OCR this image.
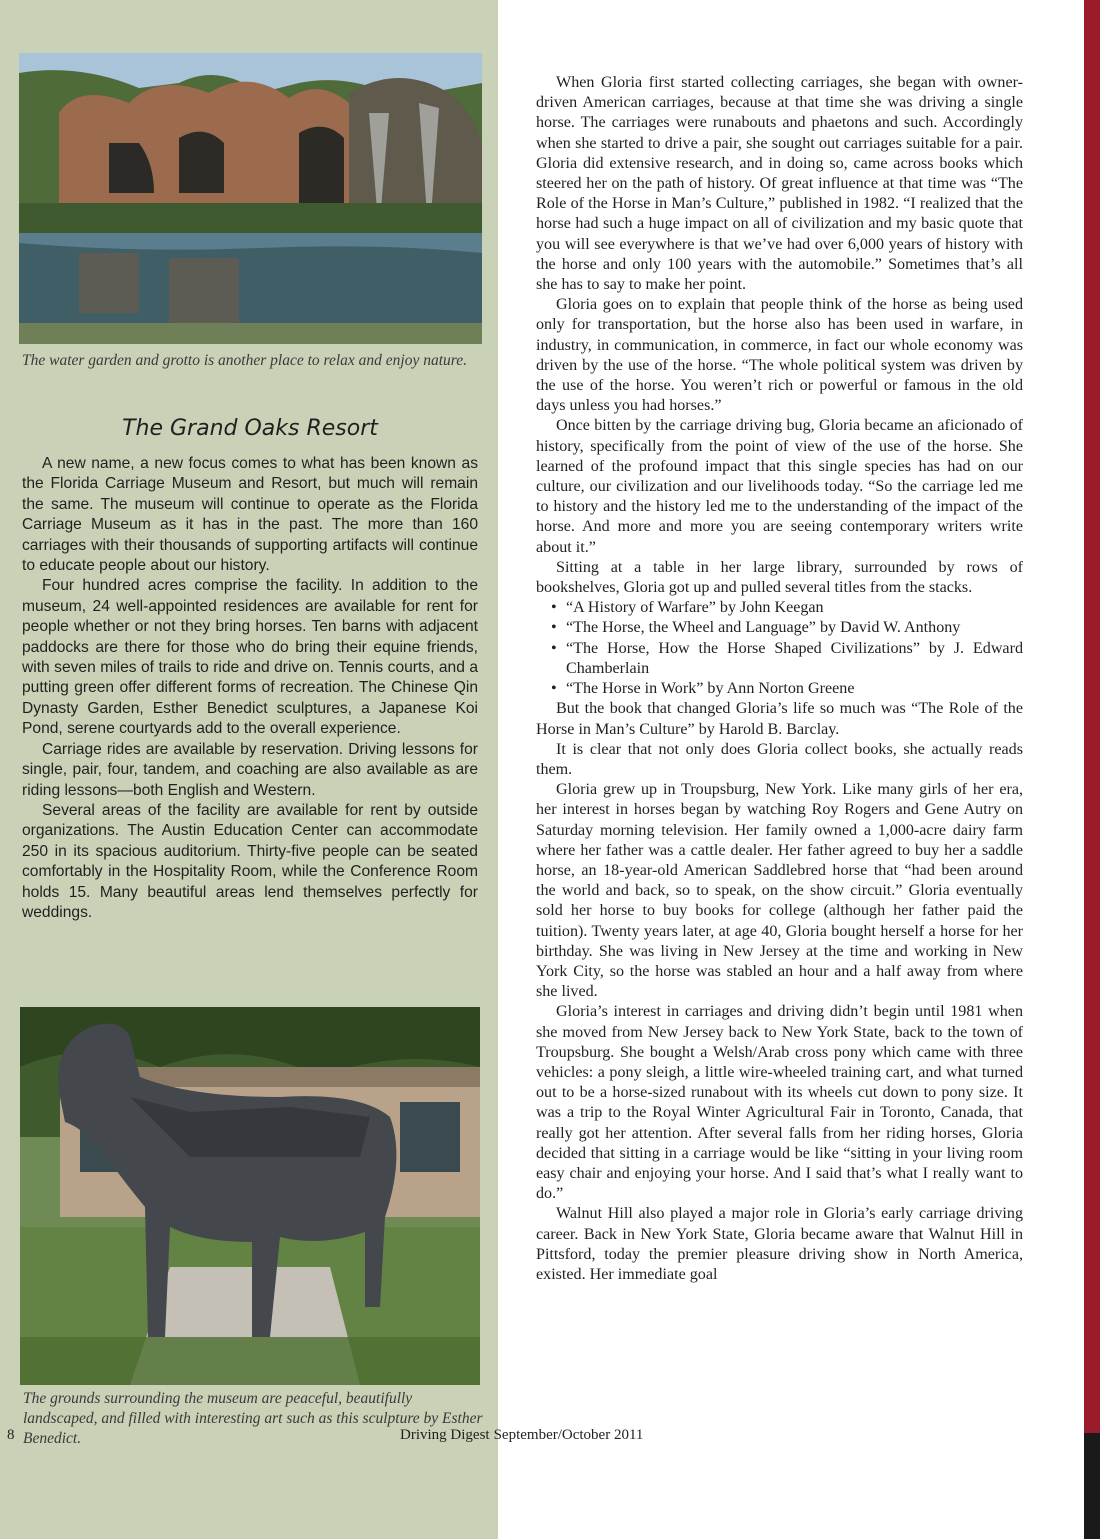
The water garden and grotto is another place to relax and enjoy nature.
The Grand Oaks Resort

A new name, a new focus comes to what has been known as the Florida Carriage Museum and Resort, but much will remain the same. The museum will continue to operate as the Florida Carriage Museum as it has in the past. The more than 160 carriages with their thousands of supporting artifacts will continue to educate people about our history.

Four hundred acres comprise the facility. In addition to the museum, 24 well-appointed residences are available for rent for people whether or not they bring horses. Ten barns with adjacent paddocks are there for those who do bring their equine friends, with seven miles of trails to ride and drive on. Tennis courts, and a putting green offer different forms of recreation. The Chinese Qin Dynasty Garden, Esther Benedict sculptures, a Japanese Koi Pond, serene courtyards add to the overall experience.

Carriage rides are available by reservation. Driving lessons for single, pair, four, tandem, and coaching are also available as are riding lessons—both English and Western.

Several areas of the facility are available for rent by outside organizations. The Austin Education Center can accommodate 250 in its spacious auditorium. Thirty-five people can be seated comfortably in the Hospitality Room, while the Conference Room holds 15. Many beautiful areas lend themselves perfectly for weddings.

The grounds surrounding the museum are peaceful, beautifully landscaped, and filled with interesting art such as this sculpture by Esther Benedict.

When Gloria first started collecting carriages, she began with owner-driven American carriages, because at that time she was driving a single horse. The carriages were runabouts and phaetons and such. Accordingly when she started to drive a pair, she sought out carriages suitable for a pair. Gloria did extensive research, and in doing so, came across books which steered her on the path of history. Of great influence at that time was “The Role of the Horse in Man’s Culture,” published in 1982. “I realized that the horse had such a huge impact on all of civilization and my basic quote that you will see everywhere is that we’ve had over 6,000 years of history with the horse and only 100 years with the automobile.” Sometimes that’s all she has to say to make her point.

Gloria goes on to explain that people think of the horse as being used only for transportation, but the horse also has been used in warfare, in industry, in communication, in commerce, in fact our whole economy was driven by the use of the horse. “The whole political system was driven by the use of the horse. You weren’t rich or powerful or famous in the old days unless you had horses.”

Once bitten by the carriage driving bug, Gloria became an aficionado of history, specifically from the point of view of the use of the horse. She learned of the profound impact that this single species has had on our culture, our civilization and our livelihoods today. “So the carriage led me to history and the history led me to the understanding of the impact of the horse. And more and more you are seeing contemporary writers write about it.”

Sitting at a table in her large library, surrounded by rows of bookshelves, Gloria got up and pulled several titles from the stacks.

• “A History of Warfare” by John Keegan
• “The Horse, the Wheel and Language” by David W. Anthony
• “The Horse, How the Horse Shaped Civilizations” by J. Edward Chamberlain
• “The Horse in Work” by Ann Norton Greene

But the book that changed Gloria’s life so much was “The Role of the Horse in Man’s Culture” by Harold B. Barclay.

It is clear that not only does Gloria collect books, she actually reads them.

Gloria grew up in Troupsburg, New York. Like many girls of her era, her interest in horses began by watching Roy Rogers and Gene Autry on Saturday morning television. Her family owned a 1,000-acre dairy farm where her father was a cattle dealer. Her father agreed to buy her a saddle horse, an 18-year-old American Saddlebred horse that “had been around the world and back, so to speak, on the show circuit.” Gloria eventually sold her horse to buy books for college (although her father paid the tuition). Twenty years later, at age 40, Gloria bought herself a horse for her birthday. She was living in New Jersey at the time and working in New York City, so the horse was stabled an hour and a half away from where she lived.

Gloria’s interest in carriages and driving didn’t begin until 1981 when she moved from New Jersey back to New York State, back to the town of Troupsburg. She bought a Welsh/Arab cross pony which came with three vehicles: a pony sleigh, a little wire-wheeled training cart, and what turned out to be a horse-sized runabout with its wheels cut down to pony size. It was a trip to the Royal Winter Agricultural Fair in Toronto, Canada, that really got her attention. After several falls from her riding horses, Gloria decided that sitting in a carriage would be like “sitting in your living room easy chair and enjoying your horse. And I said that’s what I really want to do.”

Walnut Hill also played a major role in Gloria’s early carriage driving career. Back in New York State, Gloria became aware that Walnut Hill in Pittsford, today the premier pleasure driving show in North America, existed. Her immediate goal

8	Driving Digest September/October 2011
